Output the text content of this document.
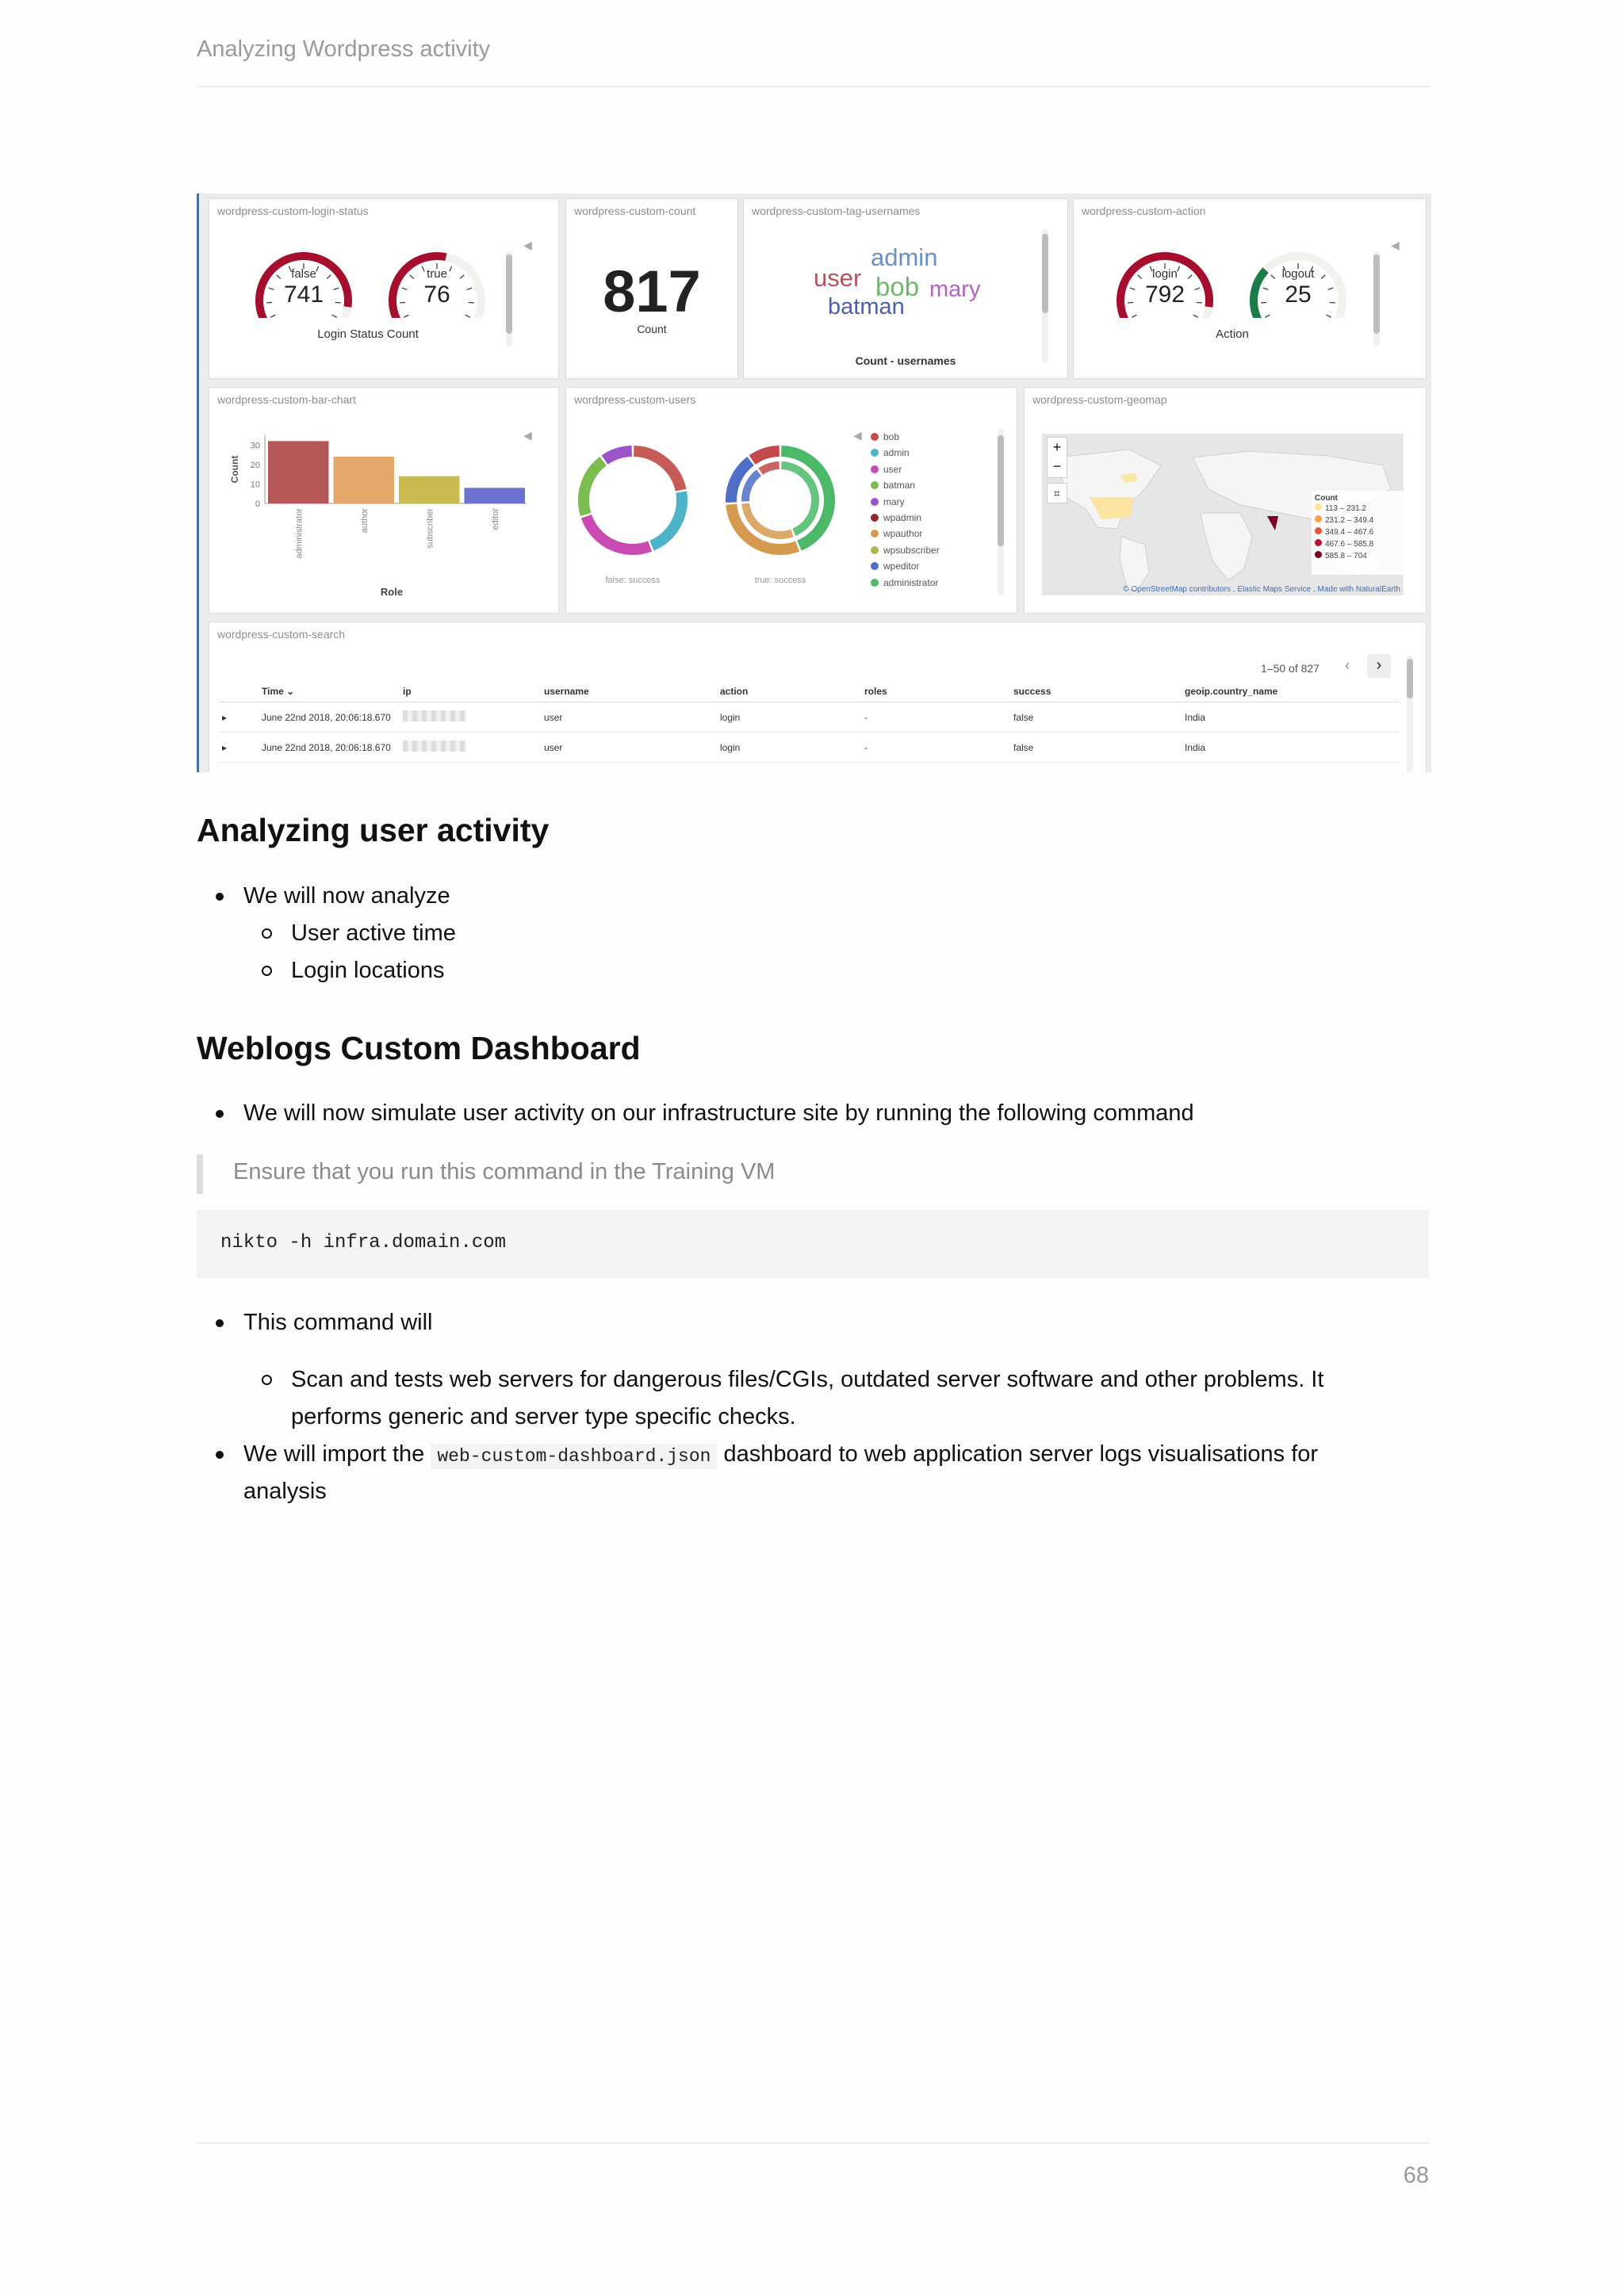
Analyzing Wordpress activity
wordpress-custom-login-status
false
741
true
76
Login Status Count
◀
wordpress-custom-count
817
Count
wordpress-custom-tag-usernames
admin
user bob mary
batman
Count - usernames
wordpress-custom-action
login
792
logout
25
Action
◀
wordpress-custom-bar-chart
0
10
20
30
Count
administrator	author	subscriber	editor
Role
◀
wordpress-custom-users
false: success	true: success
bob
admin
user
batman
mary
wpadmin
wpauthor
wpsubscriber
wpeditor
administrator
◀
wordpress-custom-geomap
+
−
⌗	Count
113 – 231.2
231.2 – 349.4
349.4 – 467.6
467.6 – 585.8
585.8 – 704
© OpenStreetMap contributors , Elastic Maps Service , Made with NaturalEarth
wordpress-custom-search
1–50 of 827 ‹	›
	Time ⌄	ip	username	action	roles	success	geoip.country_name
▸	June 22nd 2018, 20:06:18.670		user	login	-	false	India
▸	June 22nd 2018, 20:06:18.670		user	login	-	false	India
Analyzing user activity
We will now analyze
User active time
Login locations
Weblogs Custom Dashboard
We will now simulate user activity on our infrastructure site by running the following command
Ensure that you run this command in the Training VM
nikto -h infra.domain.com
This command will
Scan and tests web servers for dangerous files/CGIs, outdated server software and other problems. It
performs generic and server type specific checks.
We will import the web-custom-dashboard.json dashboard to web application server logs visualisations for
analysis
68
